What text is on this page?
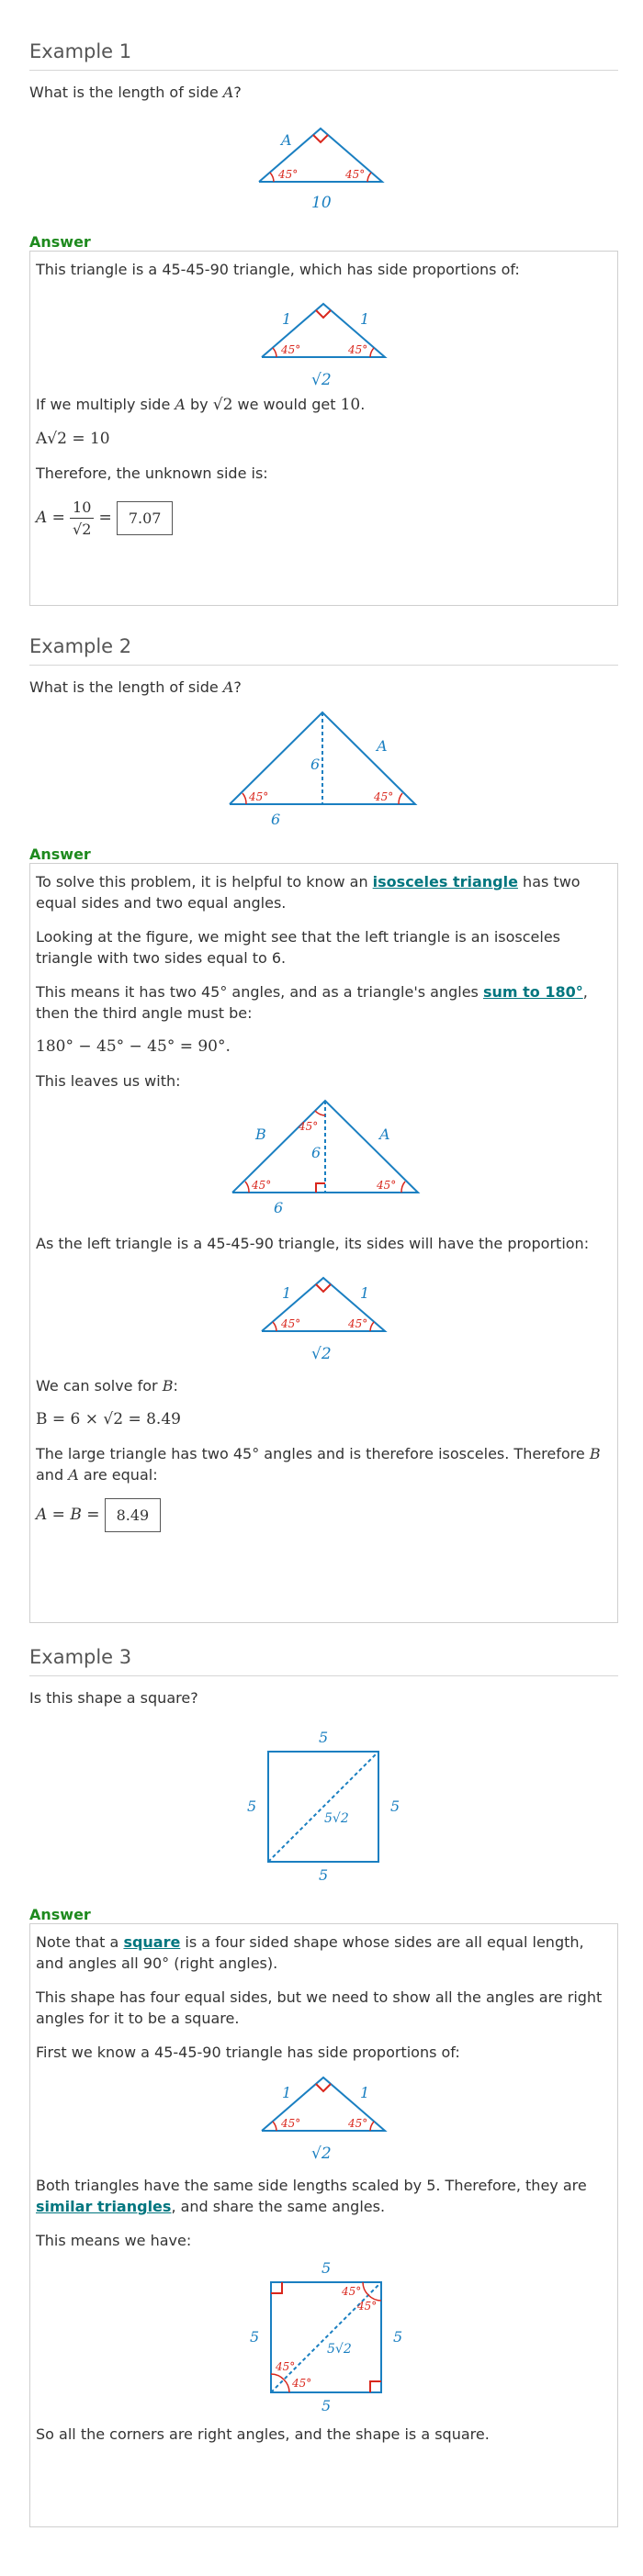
Example 1

What is the length of side A?

45°	45°
A
10

Answer

This triangle is a 45-45-90 triangle, which has side proportions of:

45°	45°
1	1
√2

If we multiply side A by √2 we would get 10.

A√2 = 10

Therefore, the unknown side is:

$A = \frac{10}{√2} = 7.07$

Example 2

What is the length of side A?

45°	45°
6
A
6

Answer

To solve this problem, it is helpful to know an isosceles triangle has two equal sides and two equal angles.

Looking at the figure, we might see that the left triangle is an isosceles triangle with two sides equal to 6.

This means it has two 45° angles, and as a triangle's angles sum to 180°, then the third angle must be:

180° − 45° − 45° = 90°.

This leaves us with:

45°
45°	45°
6
B	A
6

As the left triangle is a 45-45-90 triangle, its sides will have the proportion:

45°	45°
1	1
√2

We can solve for B:

B = 6 × √2 = 8.49

The large triangle has two 45° angles and is therefore isosceles. Therefore B and A are equal:

A = B = 8.49

Example 3

Is this shape a square?

5
5	5
5
5√2

Answer

Note that a square is a four sided shape whose sides are all equal length, and angles all 90° (right angles).

This shape has four equal sides, but we need to show all the angles are right angles for it to be a square.

First we know a 45-45-90 triangle has side proportions of:

45°	45°
1	1
√2

Both triangles have the same side lengths scaled by 5. Therefore, they are similar triangles, and share the same angles.

This means we have:

45°
45°
45°
45°
5
5	5
5
5√2

So all the corners are right angles, and the shape is a square.
